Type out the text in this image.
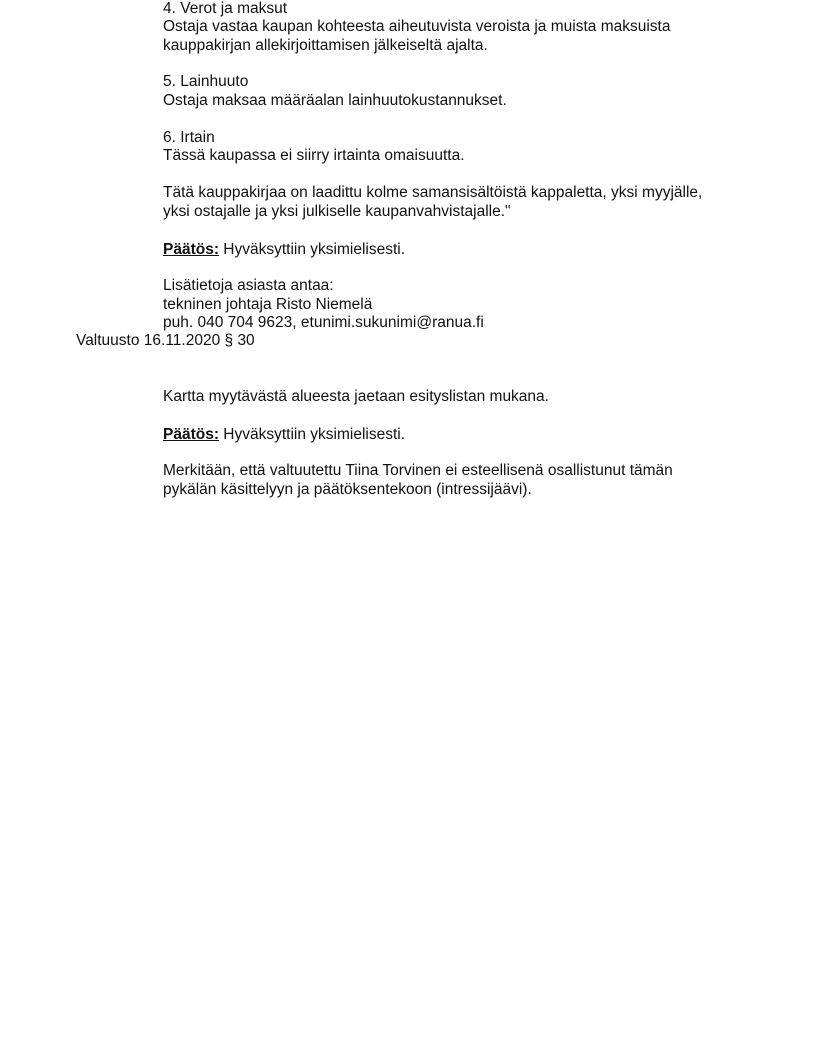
4. Verot ja maksut
Ostaja vastaa kaupan kohteesta aiheutuvista veroista ja muista maksuista
kauppakirjan allekirjoittamisen jälkeiseltä ajalta.
5. Lainhuuto
Ostaja maksaa määräalan lainhuutokustannukset.
6. Irtain
Tässä kaupassa ei siirry irtainta omaisuutta.
Tätä kauppakirjaa on laadittu kolme samansisältöistä kappaletta, yksi myyjälle,
yksi ostajalle ja yksi julkiselle kaupanvahvistajalle."
Päätös: Hyväksyttiin yksimielisesti.
Lisätietoja asiasta antaa:
tekninen johtaja Risto Niemelä
puh. 040 704 9623, etunimi.sukunimi@ranua.fi
Valtuusto 16.11.2020 § 30
Kartta myytävästä alueesta jaetaan esityslistan mukana.
Päätös: Hyväksyttiin yksimielisesti.
Merkitään, että valtuutettu Tiina Torvinen ei esteellisenä osallistunut tämän
pykälän käsittelyyn ja päätöksentekoon (intressijäävi).
